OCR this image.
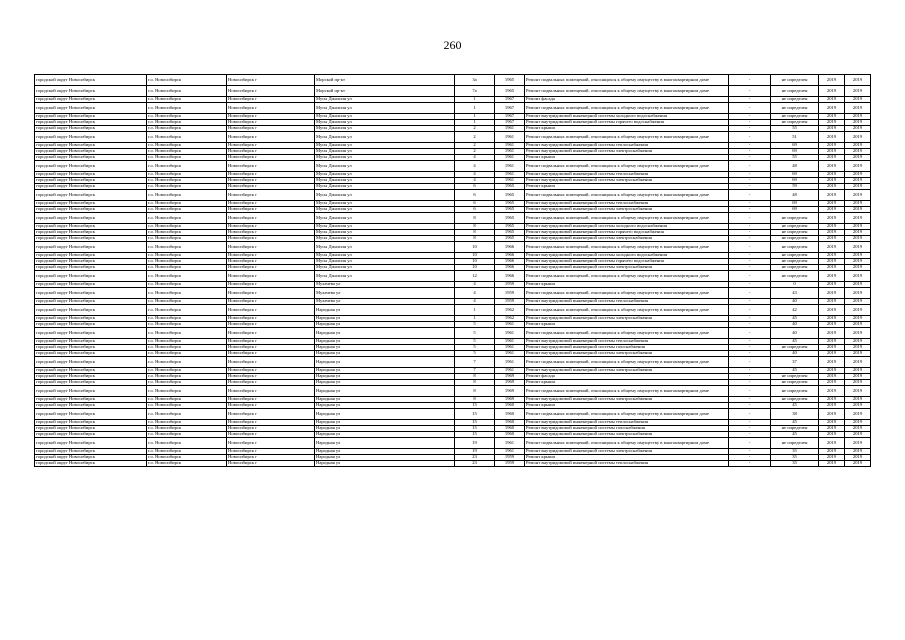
260
городской округ Новосибирск	г.о. Новосибирск	Новосибирск г	Морской пр-кт	3а	1965	Ремонт подвальных помещений, относящихся к общему имуществу в многоквартирном доме	-	не определен	2019	2019
городской округ Новосибирск	г.о. Новосибирск	Новосибирск г	Морской пр-кт	7а	1965	Ремонт подвальных помещений, относящихся к общему имуществу в многоквартирном доме	-	не определен	2019	2019
городской округ Новосибирск	г.о. Новосибирск	Новосибирск г	Мусы Джалиля ул	1	1967	Ремонт фасада	-	не определен	2019	2019
городской округ Новосибирск	г.о. Новосибирск	Новосибирск г	Мусы Джалиля ул	1	1967	Ремонт подвальных помещений, относящихся к общему имуществу в многоквартирном доме	-	не определен	2019	2019
городской округ Новосибирск	г.о. Новосибирск	Новосибирск г	Мусы Джалиля ул	1	1967	Ремонт внутридомовой инженерной системы холодного водоснабжения	-	не определен	2019	2019
городской округ Новосибирск	г.о. Новосибирск	Новосибирск г	Мусы Джалиля ул	1	1967	Ремонт внутридомовой инженерной системы горячего водоснабжения	-	не определен	2019	2019
городской округ Новосибирск	г.о. Новосибирск	Новосибирск г	Мусы Джалиля ул	2	1961	Ремонт крыши	-	55	2019	2019
городской округ Новосибирск	г.о. Новосибирск	Новосибирск г	Мусы Джалиля ул	2	1961	Ремонт подвальных помещений, относящихся к общему имуществу в многоквартирном доме	-	51	2019	2019
городской округ Новосибирск	г.о. Новосибирск	Новосибирск г	Мусы Джалиля ул	2	1961	Ремонт внутридомовой инженерной системы теплоснабжения	-	69	2019	2019
городской округ Новосибирск	г.о. Новосибирск	Новосибирск г	Мусы Джалиля ул	2	1961	Ремонт внутридомовой инженерной системы электроснабжения	-	69	2019	2019
городской округ Новосибирск	г.о. Новосибирск	Новосибирск г	Мусы Джалиля ул	4	1961	Ремонт крыши	-	55	2019	2019
городской округ Новосибирск	г.о. Новосибирск	Новосибирск г	Мусы Джалиля ул	4	1961	Ремонт подвальных помещений, относящихся к общему имуществу в многоквартирном доме	-	48	2019	2019
городской округ Новосибирск	г.о. Новосибирск	Новосибирск г	Мусы Джалиля ул	4	1961	Ремонт внутридомовой инженерной системы теплоснабжения	-	69	2019	2019
городской округ Новосибирск	г.о. Новосибирск	Новосибирск г	Мусы Джалиля ул	4	1961	Ремонт внутридомовой инженерной системы электроснабжения	-	69	2019	2019
городской округ Новосибирск	г.о. Новосибирск	Новосибирск г	Мусы Джалиля ул	6	1965	Ремонт крыши	-	59	2019	2019
городской округ Новосибирск	г.о. Новосибирск	Новосибирск г	Мусы Джалиля ул	6	1965	Ремонт подвальных помещений, относящихся к общему имуществу в многоквартирном доме	-	48	2019	2019
городской округ Новосибирск	г.о. Новосибирск	Новосибирск г	Мусы Джалиля ул	6	1965	Ремонт внутридомовой инженерной системы теплоснабжения	-	69	2019	2019
городской округ Новосибирск	г.о. Новосибирск	Новосибирск г	Мусы Джалиля ул	6	1965	Ремонт внутридомовой инженерной системы электроснабжения	-	69	2019	2019
городской округ Новосибирск	г.о. Новосибирск	Новосибирск г	Мусы Джалиля ул	8	1965	Ремонт подвальных помещений, относящихся к общему имуществу в многоквартирном доме	-	не определен	2019	2019
городской округ Новосибирск	г.о. Новосибирск	Новосибирск г	Мусы Джалиля ул	8	1965	Ремонт внутридомовой инженерной системы холодного водоснабжения	-	не определен	2019	2019
городской округ Новосибирск	г.о. Новосибирск	Новосибирск г	Мусы Джалиля ул	8	1965	Ремонт внутридомовой инженерной системы горячего водоснабжения	-	не определен	2019	2019
городской округ Новосибирск	г.о. Новосибирск	Новосибирск г	Мусы Джалиля ул	8	1965	Ремонт внутридомовой инженерной системы электроснабжения	-	не определен	2019	2019
городской округ Новосибирск	г.о. Новосибирск	Новосибирск г	Мусы Джалиля ул	10	1966	Ремонт подвальных помещений, относящихся к общему имуществу в многоквартирном доме	-	не определен	2019	2019
городской округ Новосибирск	г.о. Новосибирск	Новосибирск г	Мусы Джалиля ул	10	1966	Ремонт внутридомовой инженерной системы холодного водоснабжения	-	не определен	2019	2019
городской округ Новосибирск	г.о. Новосибирск	Новосибирск г	Мусы Джалиля ул	10	1966	Ремонт внутридомовой инженерной системы горячего водоснабжения	-	не определен	2019	2019
городской округ Новосибирск	г.о. Новосибирск	Новосибирск г	Мусы Джалиля ул	10	1966	Ремонт внутридомовой инженерной системы электроснабжения	-	не определен	2019	2019
городской округ Новосибирск	г.о. Новосибирск	Новосибирск г	Мусы Джалиля ул	12	1966	Ремонт подвальных помещений, относящихся к общему имуществу в многоквартирном доме	-	не определен	2019	2019
городской округ Новосибирск	г.о. Новосибирск	Новосибирск г	Мухачева ул	4	1959	Ремонт крыши	-	0	2019	2019
городской округ Новосибирск	г.о. Новосибирск	Новосибирск г	Мухачева ул	4	1959	Ремонт подвальных помещений, относящихся к общему имуществу в многоквартирном доме	-	43	2019	2019
городской округ Новосибирск	г.о. Новосибирск	Новосибирск г	Мухачева ул	4	1959	Ремонт внутридомовой инженерной системы теплоснабжения	-	40	2019	2019
городской округ Новосибирск	г.о. Новосибирск	Новосибирск г	Народная ул	1	1962	Ремонт подвальных помещений, относящихся к общему имуществу в многоквартирном доме	-	42	2019	2019
городской округ Новосибирск	г.о. Новосибирск	Новосибирск г	Народная ул	1	1962	Ремонт внутридомовой инженерной системы электроснабжения	-	45	2019	2019
городской округ Новосибирск	г.о. Новосибирск	Новосибирск г	Народная ул	5	1961	Ремонт крыши	-	40	2019	2019
городской округ Новосибирск	г.о. Новосибирск	Новосибирск г	Народная ул	5	1961	Ремонт подвальных помещений, относящихся к общему имуществу в многоквартирном доме	-	40	2019	2019
городской округ Новосибирск	г.о. Новосибирск	Новосибирск г	Народная ул	5	1961	Ремонт внутридомовой инженерной системы теплоснабжения	-	45	2019	2019
городской округ Новосибирск	г.о. Новосибирск	Новосибирск г	Народная ул	5	1961	Ремонт внутридомовой инженерной системы газоснабжения	-	не определен	2019	2019
городской округ Новосибирск	г.о. Новосибирск	Новосибирск г	Народная ул	5	1961	Ремонт внутридомовой инженерной системы электроснабжения	-	40	2019	2019
городской округ Новосибирск	г.о. Новосибирск	Новосибирск г	Народная ул	7	1961	Ремонт подвальных помещений, относящихся к общему имуществу в многоквартирном доме	-	37	2019	2019
городской округ Новосибирск	г.о. Новосибирск	Новосибирск г	Народная ул	7	1961	Ремонт внутридомовой инженерной системы электроснабжения	-	45	2019	2019
городской округ Новосибирск	г.о. Новосибирск	Новосибирск г	Народная ул	8	1969	Ремонт фасада	-	не определен	2019	2019
городской округ Новосибирск	г.о. Новосибирск	Новосибирск г	Народная ул	8	1969	Ремонт крыши	-	не определен	2019	2019
городской округ Новосибирск	г.о. Новосибирск	Новосибирск г	Народная ул	8	1969	Ремонт подвальных помещений, относящихся к общему имуществу в многоквартирном доме	-	не определен	2019	2019
городской округ Новосибирск	г.о. Новосибирск	Новосибирск г	Народная ул	8	1969	Ремонт внутридомовой инженерной системы электроснабжения	-	не определен	2019	2019
городской округ Новосибирск	г.о. Новосибирск	Новосибирск г	Народная ул	15	1960	Ремонт крыши	-	45	2019	2019
городской округ Новосибирск	г.о. Новосибирск	Новосибирск г	Народная ул	15	1960	Ремонт подвальных помещений, относящихся к общему имуществу в многоквартирном доме	-	38	2019	2019
городской округ Новосибирск	г.о. Новосибирск	Новосибирск г	Народная ул	15	1960	Ремонт внутридомовой инженерной системы теплоснабжения	-	45	2019	2019
городской округ Новосибирск	г.о. Новосибирск	Новосибирск г	Народная ул	15	1960	Ремонт внутридомовой инженерной системы газоснабжения	-	не определен	2019	2019
городской округ Новосибирск	г.о. Новосибирск	Новосибирск г	Народная ул	15	1960	Ремонт внутридомовой инженерной системы электроснабжения	-	45	2019	2019
городской округ Новосибирск	г.о. Новосибирск	Новосибирск г	Народная ул	19	1961	Ремонт подвальных помещений, относящихся к общему имуществу в многоквартирном доме	-	не определен	2019	2019
городской округ Новосибирск	г.о. Новосибирск	Новосибирск г	Народная ул	19	1961	Ремонт внутридомовой инженерной системы электроснабжения	-	35	2019	2019
городской округ Новосибирск	г.о. Новосибирск	Новосибирск г	Народная ул	23	1959	Ремонт крыши	-	35	2019	2019
городской округ Новосибирск	г.о. Новосибирск	Новосибирск г	Народная ул	23	1959	Ремонт внутридомовой инженерной системы теплоснабжения	-	35	2019	2019
